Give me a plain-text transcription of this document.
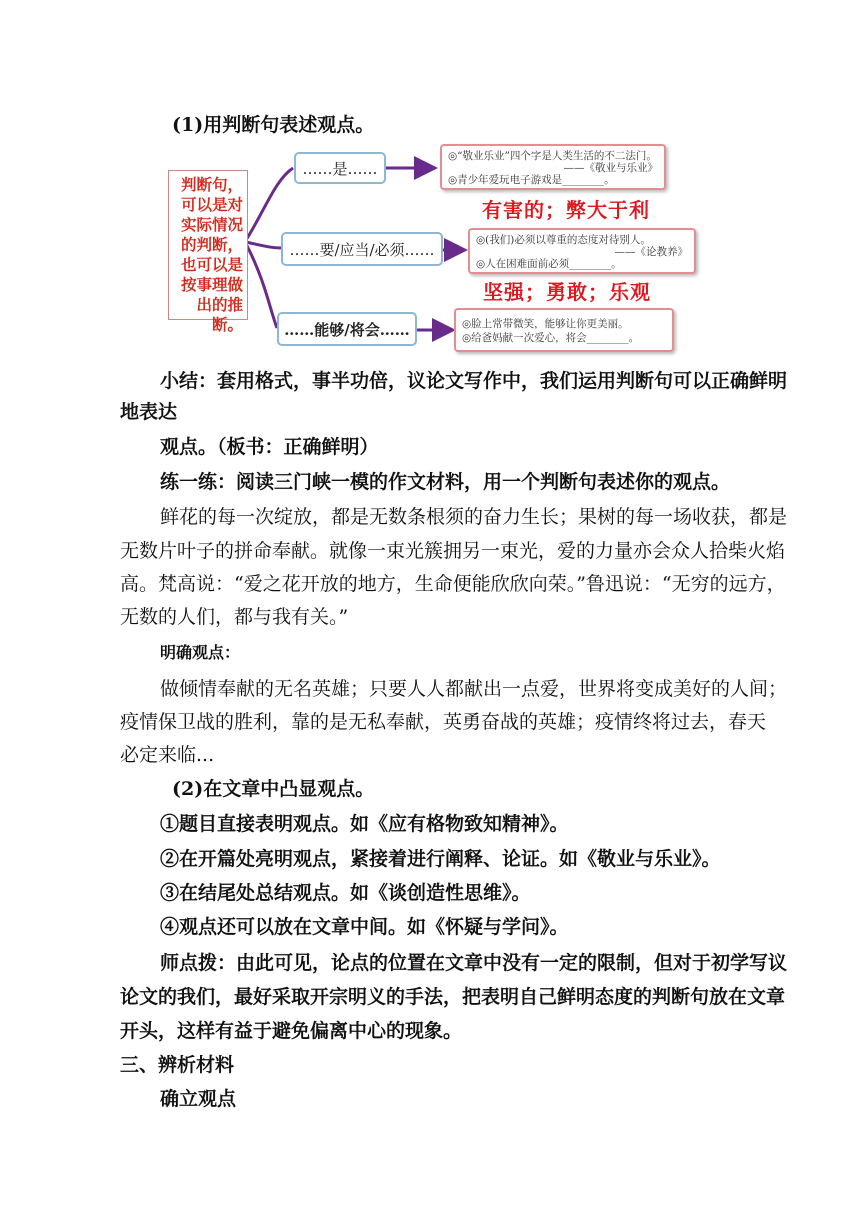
(1)用判断句表述观点。
判断句，可以是对实际情况的判断，也可以是按事理做出的推断。
……是……
……要/应当/必须……
……能够/将会……
◎“敬业乐业”四个字是人类生活的不二法门。
——《敬业与乐业》
◎青少年爱玩电子游戏是________。
◎(我们)必须以尊重的态度对待别人。
——《论教养》
◎人在困难面前必须________。
◎脸上常带微笑，能够让你更美丽。
◎给爸妈献一次爱心，将会________。
有害的；弊大于利
坚强；勇敢；乐观
小结：套用格式，事半功倍，议论文写作中，我们运用判断句可以正确鲜明
地表达
观点。（板书：正确鲜明）
练一练：阅读三门峡一模的作文材料，用一个判断句表述你的观点。
鲜花的每一次绽放，都是无数条根须的奋力生长；果树的每一场收获，都是
无数片叶子的拼命奉献。就像一束光簇拥另一束光，爱的力量亦会众人拾柴火焰
高。梵高说：“爱之花开放的地方，生命便能欣欣向荣。”鲁迅说：“无穷的远方，
无数的人们，都与我有关。”
明确观点：
做倾情奉献的无名英雄；只要人人都献出一点爱，世界将变成美好的人间；
疫情保卫战的胜利，靠的是无私奉献，英勇奋战的英雄；疫情终将过去，春天
必定来临...
(2)在文章中凸显观点。
①题目直接表明观点。如《应有格物致知精神》。
②在开篇处亮明观点，紧接着进行阐释、论证。如《敬业与乐业》。
③在结尾处总结观点。如《谈创造性思维》。
④观点还可以放在文章中间。如《怀疑与学问》。
师点拨：由此可见，论点的位置在文章中没有一定的限制，但对于初学写议
论文的我们，最好采取开宗明义的手法，把表明自己鲜明态度的判断句放在文章
开头，这样有益于避免偏离中心的现象。
三、辨析材料
确立观点
